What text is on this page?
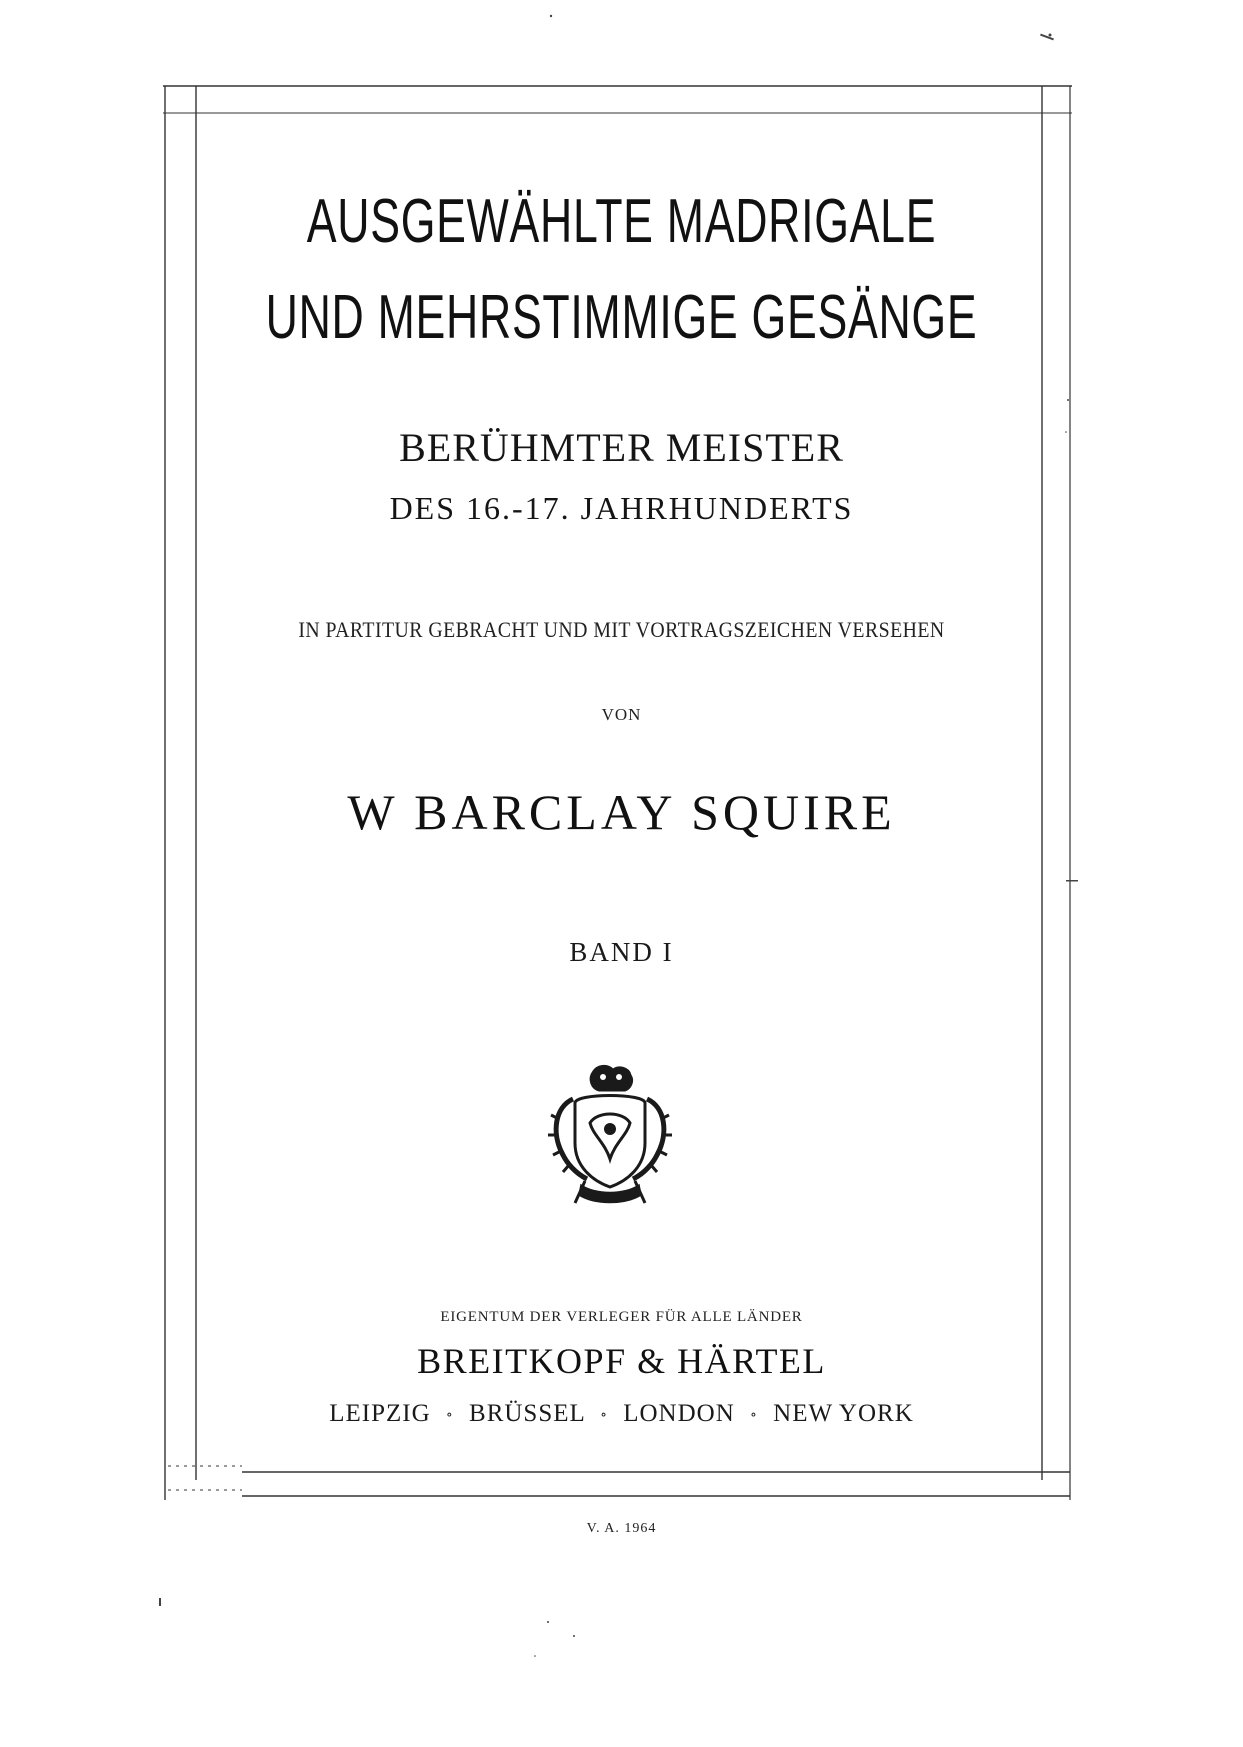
AUSGEWÄHLTE MADRIGALE
UND MEHRSTIMMIGE GESÄNGE
BERÜHMTER MEISTER
DES 16.-17. JAHRHUNDERTS
IN PARTITUR GEBRACHT UND MIT VORTRAGSZEICHEN VERSEHEN
VON
W BARCLAY SQUIRE
BAND I
EIGENTUM DER VERLEGER FÜR ALLE LÄNDER
BREITKOPF & HÄRTEL
LEIPZIG ∘ BRÜSSEL ∘ LONDON ∘ NEW YORK
V. A. 1964
